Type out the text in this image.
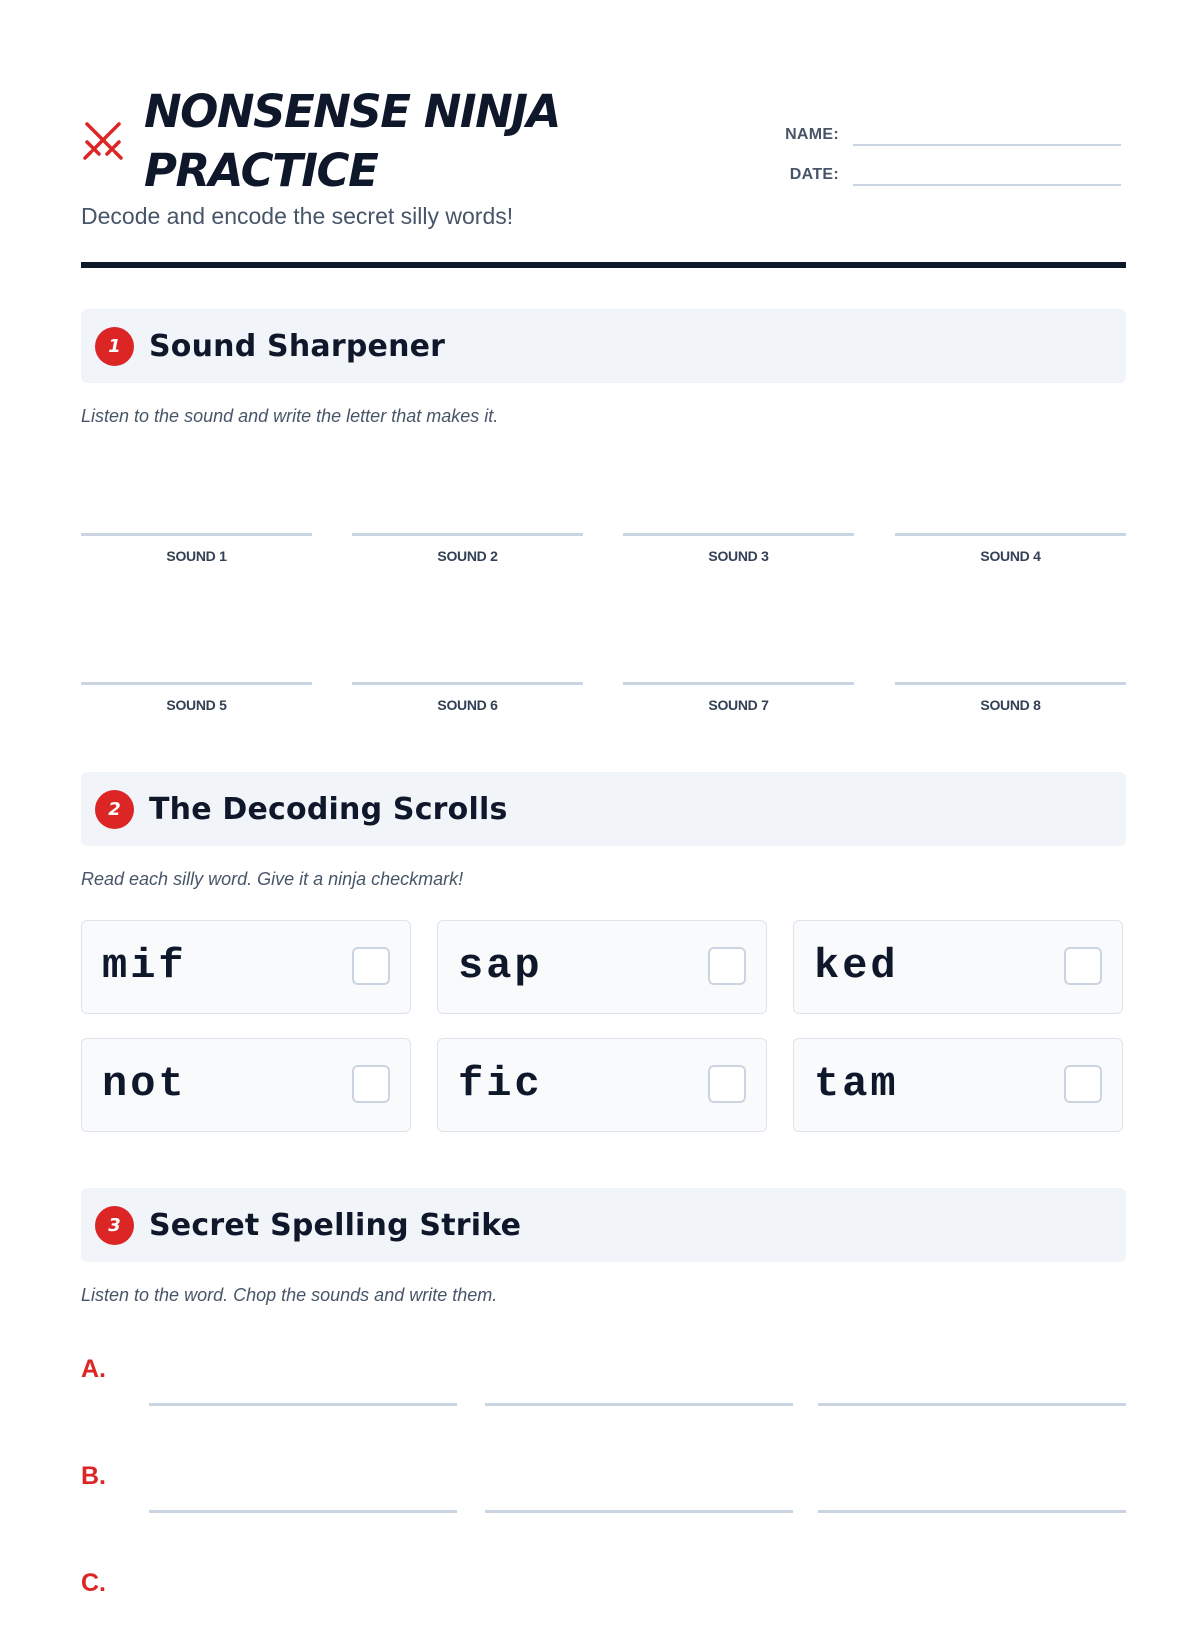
NONSENSE NINJA PRACTICE
Decode and encode the secret silly words!
NAME:
DATE:
1 Sound Sharpener
Listen to the sound and write the letter that makes it.
SOUND 1	SOUND 2	SOUND 3	SOUND 4
SOUND 5	SOUND 6	SOUND 7	SOUND 8
2 The Decoding Scrolls
Read each silly word. Give it a ninja checkmark!
mif	sap	ked
not	fic	tam
3 Secret Spelling Strike
Listen to the word. Chop the sounds and write them.
A.
B.
C.
